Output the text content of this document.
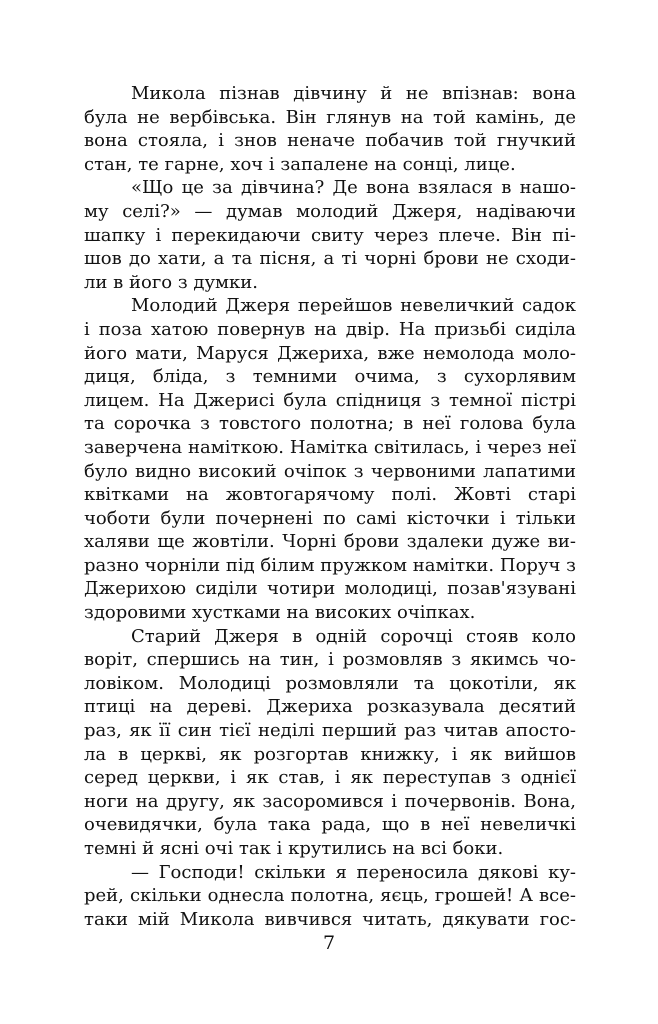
Микола пізнав дівчину й не впізнав: вона
була не вербівська. Він глянув на той камінь, де
вона стояла, і знов неначе побачив той гнучкий
стан, те гарне, хоч і запалене на сонці, лице.

«Що це за дівчина? Де вона взялася в нашо-
му селі?» — думав молодий Джеря, надіваючи
шапку і перекидаючи свиту через плече. Він пі-
шов до хати, а та пісня, а ті чорні брови не сходи-
ли в його з думки.

Молодий Джеря перейшов невеличкий садок
і поза хатою повернув на двір. На призьбі сиділа
його мати, Маруся Джериха, вже немолода моло-
диця, бліда, з темними очима, з сухорлявим
лицем. На Джерисі була спідниця з темної пістрі
та сорочка з товстого полотна; в неї голова була
заверчена наміткою. Намітка світилась, і через неї
було видно високий очіпок з червоними лапатими
квітками на жовтогарячому полі. Жовті старі
чоботи були почернені по самі кісточки і тільки
халяви ще жовтіли. Чорні брови здалеки дуже ви-
разно чорніли під білим пружком намітки. Поруч з
Джерихою сиділи чотири молодиці, позав'язувані
здоровими хустками на високих очіпках.

Старий Джеря в одній сорочці стояв коло
воріт, спершись на тин, і розмовляв з якимсь чо-
ловіком. Молодиці розмовляли та цокотіли, як
птиці на дереві. Джериха розказувала десятий
раз, як її син тієї неділі перший раз читав апосто-
ла в церкві, як розгортав книжку, і як вийшов
серед церкви, і як став, і як переступав з однієї
ноги на другу, як засоромився і почервонів. Вона,
очевидячки, була така рада, що в неї невеличкі
темні й ясні очі так і крутились на всі боки.

— Господи! скільки я переносила дякові ку-
рей, скільки однесла полотна, яєць, грошей! А все-
таки мій Микола вивчився читать, дякувати гос-

7
